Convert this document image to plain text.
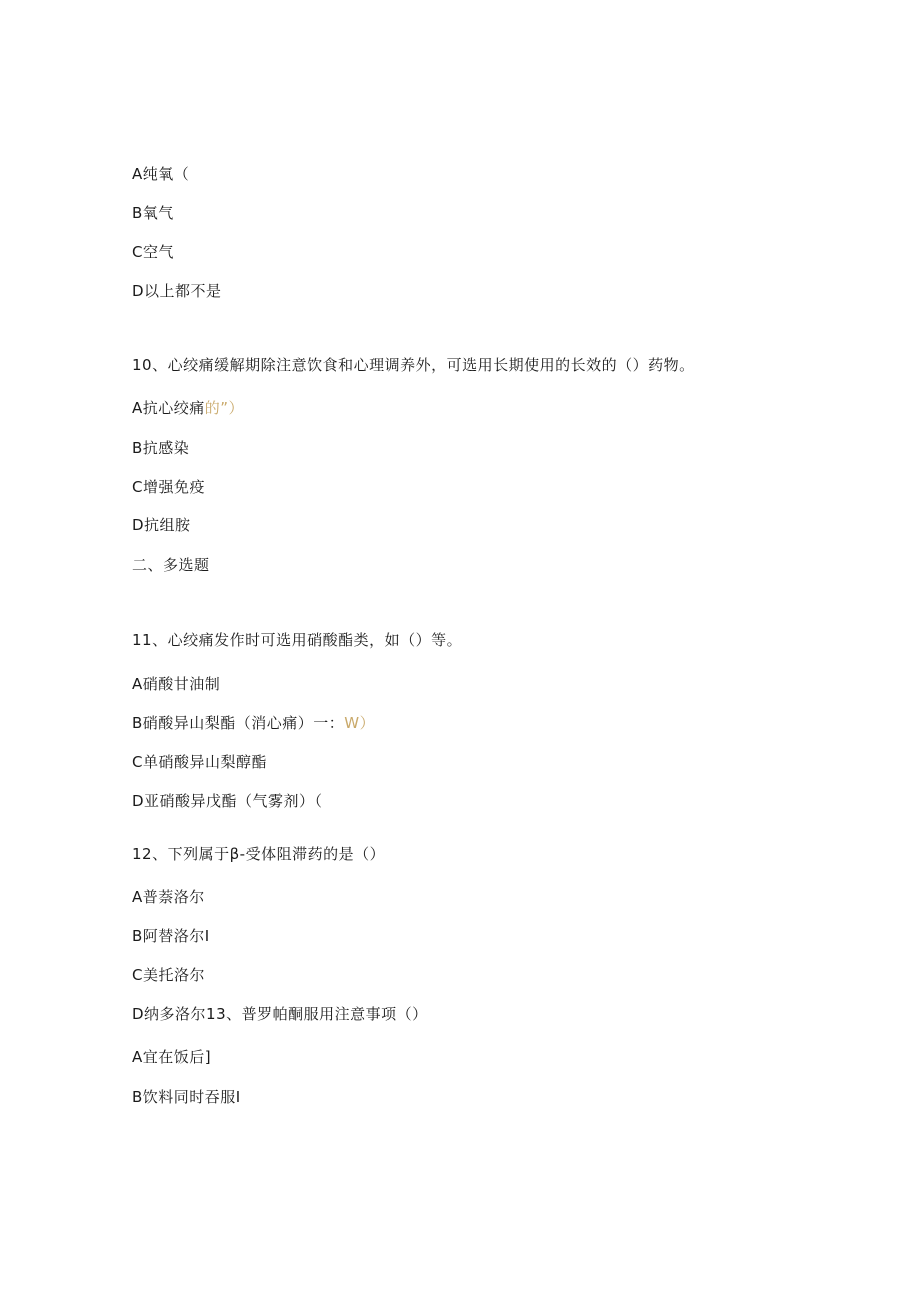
A纯氧（
B氧气
C空气
D以上都不是
10、心绞痛缓解期除注意饮食和心理调养外，可选用长期使用的长效的（）药物。
A抗心绞痛的”）
B抗感染
C增强免疫
D抗组胺
二、多选题
11、心绞痛发作时可选用硝酸酯类，如（）等。
A硝酸甘油制
B硝酸异山梨酯（消心痛）一：W）
C单硝酸异山梨醇酯
D亚硝酸异戊酯（气雾剂）（
12、下列属于β-受体阻滞药的是（）
A普萘洛尔
B阿替洛尔I
C美托洛尔
D纳多洛尔13、普罗帕酮服用注意事项（）
A宜在饭后]
B饮料同时吞服I
